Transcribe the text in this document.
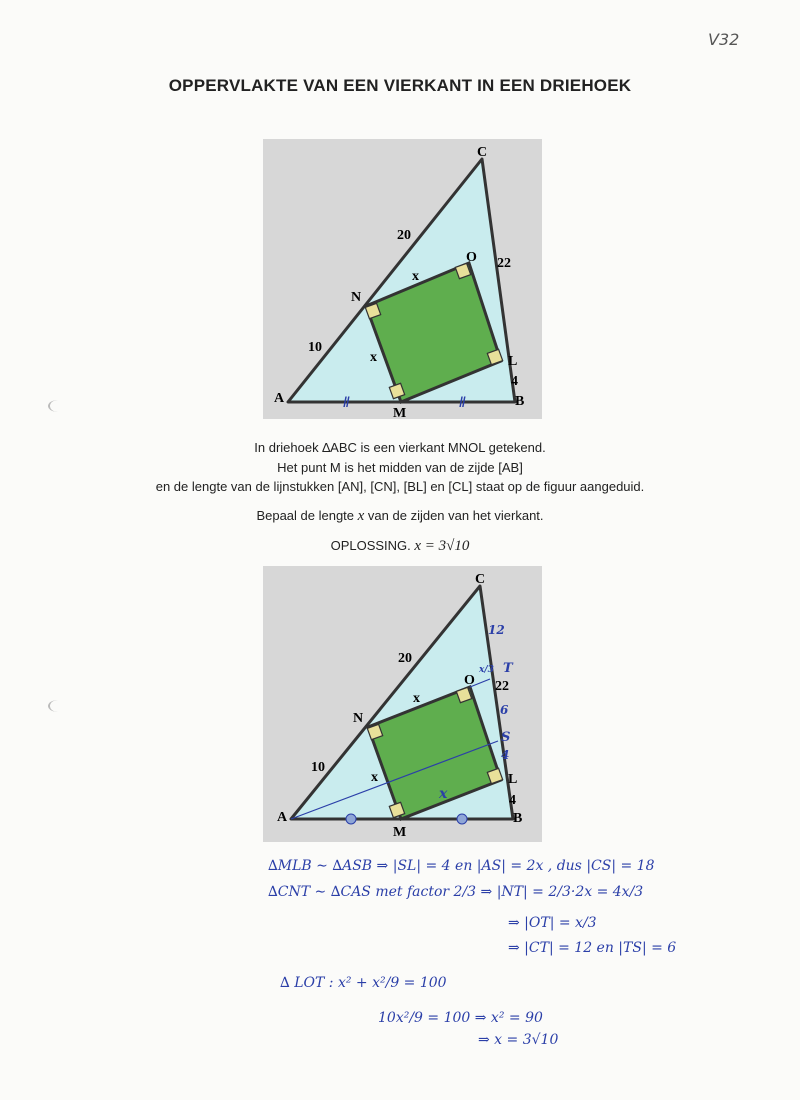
V32
OPPERVLAKTE VAN EEN VIERKANT IN EEN DRIEHOEK
ǁ	ǁ
A	B
C
M
N
O
L
20
22
10
4
x
x
In driehoek ∆ABC is een vierkant MNOL getekend.
Het punt M is het midden van de zijde [AB]
en de lengte van de lijnstukken [AN], [CN], [BL] en [CL] staat op de figuur aangeduid.
Bepaal de lengte x van de zijden van het vierkant.
OPLOSSING. x = 3√10
A	B
C
M
N
O
L
S
T
20
22
10
4
x
x
12
x/3
6
4
x
∆MLB ∼ ∆ASB ⇒ |SL| = 4 en |AS| = 2x , dus |CS| = 18
∆CNT ∼ ∆CAS met factor 2/3 ⇒ |NT| = 2/3·2x = 4x/3
⇒ |OT| = x/3
⇒ |CT| = 12 en |TS| = 6
∆ LOT : x² + x²/9 = 100
10x²/9 = 100 ⇒ x² = 90
⇒ x = 3√10
